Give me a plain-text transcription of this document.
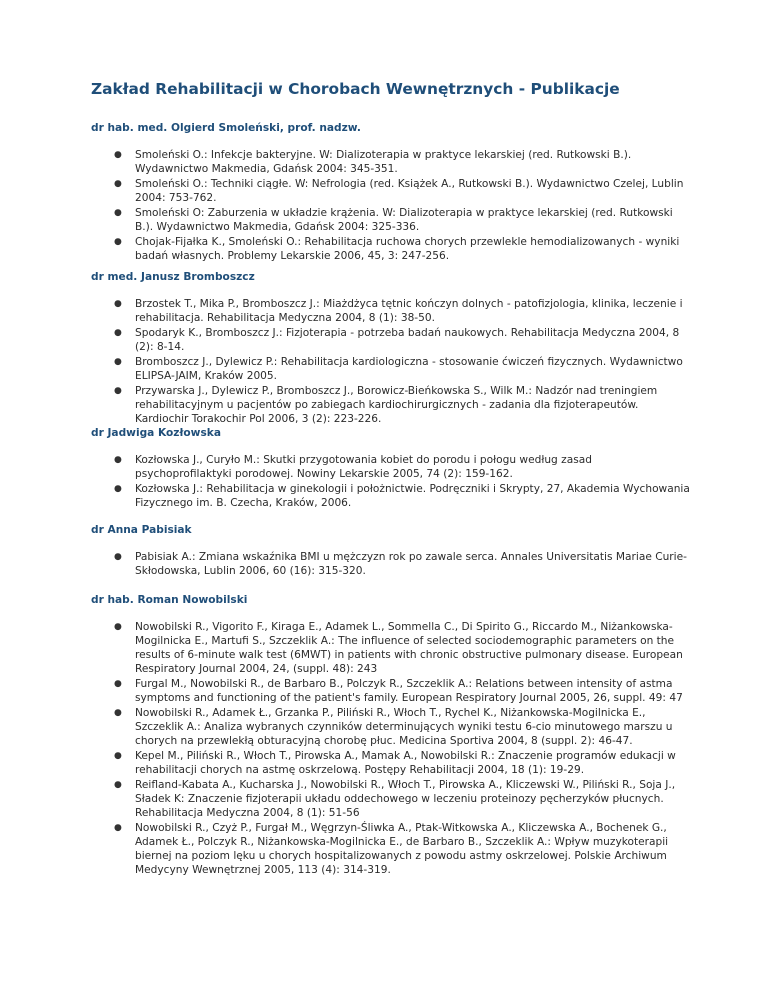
Zakład Rehabilitacji w Chorobach Wewnętrznych - Publikacje
dr hab. med. Olgierd Smoleński, prof. nadzw.
● Smoleński O.: Infekcje bakteryjne. W: Dializoterapia w praktyce lekarskiej (red. Rutkowski B.). Wydawnictwo Makmedia, Gdańsk 2004: 345-351.
● Smoleński O.: Techniki ciągłe. W: Nefrologia (red. Książek A., Rutkowski B.). Wydawnictwo Czelej, Lublin 2004: 753-762.
● Smoleński O: Zaburzenia w układzie krążenia. W: Dializoterapia w praktyce lekarskiej (red. Rutkowski B.). Wydawnictwo Makmedia, Gdańsk 2004: 325-336.
● Chojak-Fijałka K., Smoleński O.: Rehabilitacja ruchowa chorych przewlekle hemodializowanych - wyniki badań własnych. Problemy Lekarskie 2006, 45, 3: 247-256.
dr med. Janusz Bromboszcz
● Brzostek T., Mika P., Bromboszcz J.: Miażdżyca tętnic kończyn dolnych - patofizjologia, klinika, leczenie i rehabilitacja. Rehabilitacja Medyczna 2004, 8 (1): 38-50.
● Spodaryk K., Bromboszcz J.: Fizjoterapia - potrzeba badań naukowych. Rehabilitacja Medyczna 2004, 8 (2): 8-14.
● Bromboszcz J., Dylewicz P.: Rehabilitacja kardiologiczna - stosowanie ćwiczeń fizycznych. Wydawnictwo ELIPSA-JAIM, Kraków 2005.
● Przywarska J., Dylewicz P., Bromboszcz J., Borowicz-Bieńkowska S., Wilk M.: Nadzór nad treningiem rehabilitacyjnym u pacjentów po zabiegach kardiochirurgicznych - zadania dla fizjoterapeutów. Kardiochir Torakochir Pol 2006, 3 (2): 223-226.
dr Jadwiga Kozłowska
● Kozłowska J., Curyło M.: Skutki przygotowania kobiet do porodu i połogu według zasad psychoprofilaktyki porodowej. Nowiny Lekarskie 2005, 74 (2): 159-162.
● Kozłowska J.: Rehabilitacja w ginekologii i położnictwie. Podręczniki i Skrypty, 27, Akademia Wychowania Fizycznego im. B. Czecha, Kraków, 2006.
dr Anna Pabisiak
● Pabisiak A.: Zmiana wskaźnika BMI u mężczyzn rok po zawale serca. Annales Universitatis Mariae Curie-Skłodowska, Lublin 2006, 60 (16): 315-320.
dr hab. Roman Nowobilski
● Nowobilski R., Vigorito F., Kiraga E., Adamek L., Sommella C., Di Spirito G., Riccardo M., Niżankowska-Mogilnicka E., Martufi S., Szczeklik A.: The influence of selected sociodemographic parameters on the results of 6-minute walk test (6MWT) in patients with chronic obstructive pulmonary disease. European Respiratory Journal 2004, 24, (suppl. 48): 243
● Furgal M., Nowobilski R., de Barbaro B., Polczyk R., Szczeklik A.: Relations between intensity of astma symptoms and functioning of the patient's family. European Respiratory Journal 2005, 26, suppl. 49: 47
● Nowobilski R., Adamek Ł., Grzanka P., Piliński R., Włoch T., Rychel K., Niżankowska-Mogilnicka E., Szczeklik A.: Analiza wybranych czynników determinujących wyniki testu 6-cio minutowego marszu u chorych na przewlekłą obturacyjną chorobę płuc. Medicina Sportiva 2004, 8 (suppl. 2): 46-47.
● Kepel M., Piliński R., Włoch T., Pirowska A., Mamak A., Nowobilski R.: Znaczenie programów edukacji w rehabilitacji chorych na astmę oskrzelową. Postępy Rehabilitacji 2004, 18 (1): 19-29.
● Reifland-Kabata A., Kucharska J., Nowobilski R., Włoch T., Pirowska A., Kliczewski W., Piliński R., Soja J., Sładek K: Znaczenie fizjoterapii układu oddechowego w leczeniu proteinozy pęcherzyków płucnych. Rehabilitacja Medyczna 2004, 8 (1): 51-56
● Nowobilski R., Czyż P., Furgał M., Węgrzyn-Śliwka A., Ptak-Witkowska A., Kliczewska A., Bochenek G., Adamek Ł., Polczyk R., Niżankowska-Mogilnicka E., de Barbaro B., Szczeklik A.: Wpływ muzykoterapii biernej na poziom lęku u chorych hospitalizowanych z powodu astmy oskrzelowej. Polskie Archiwum Medycyny Wewnętrznej 2005, 113 (4): 314-319.
